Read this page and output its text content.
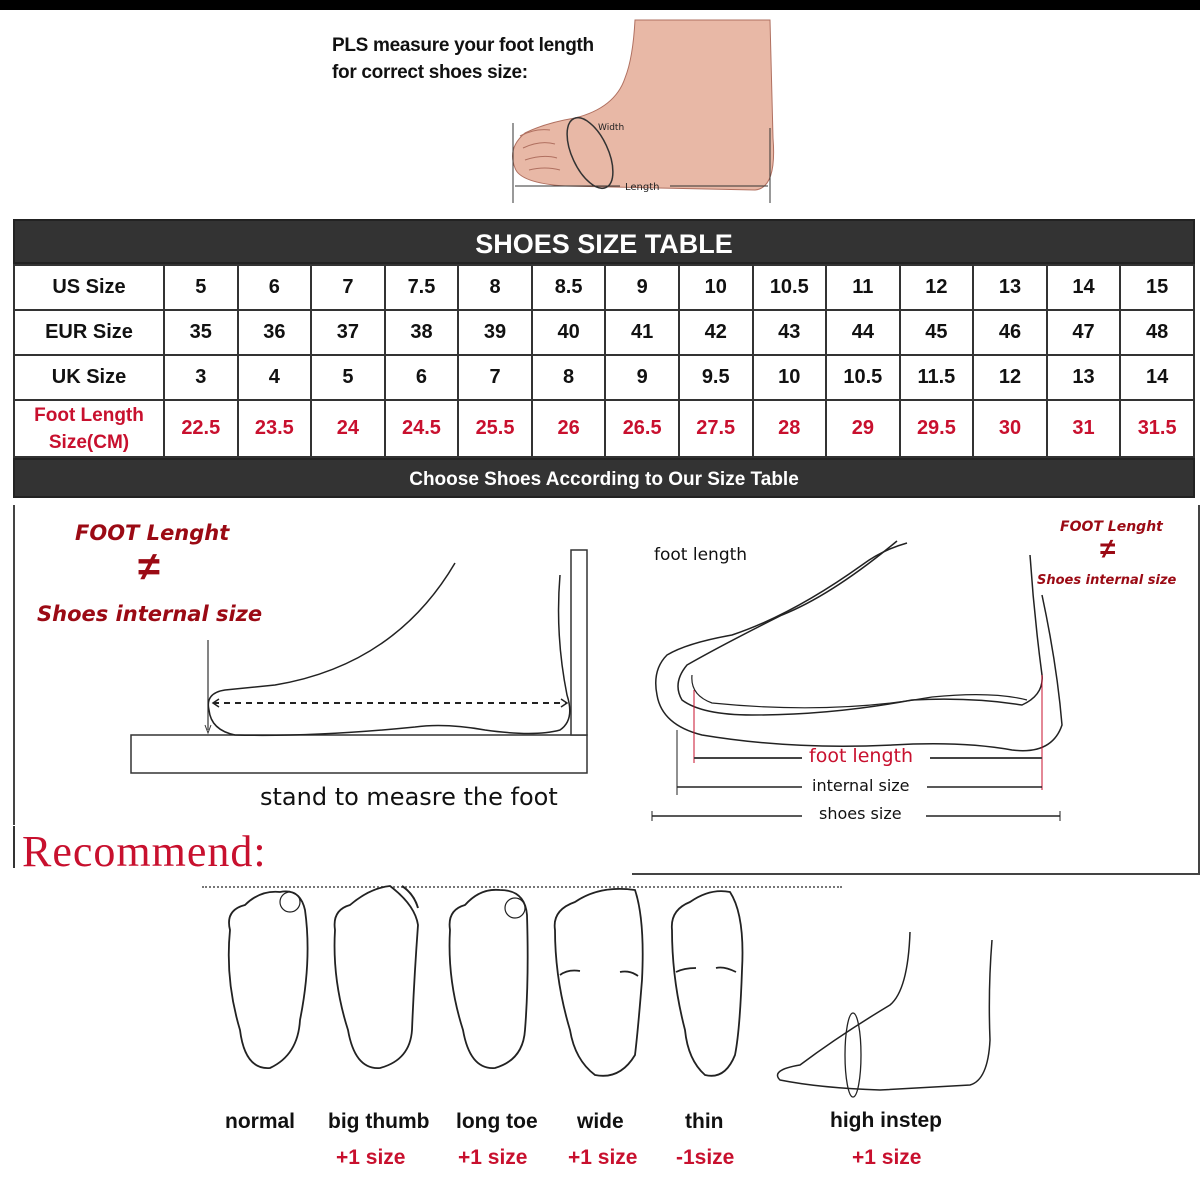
PLS measure your foot length
for correct shoes size:
Width
Length
SHOES SIZE TABLE
US Size	5	6	7	7.5	8	8.5	9	10	10.5	11	12	13	14	15
EUR Size	35	36	37	38	39	40	41	42	43	44	45	46	47	48
UK Size	3	4	5	6	7	8	9	9.5	10	10.5	11.5	12	13	14

Foot Length
Size(CM)	22.5	23.5	24	24.5	25.5	26	26.5	27.5	28	29	29.5	30	31	31.5
Choose Shoes According to Our Size Table
FOOT Lenght
≠
Shoes internal size
stand to measre the foot
foot length
FOOT Lenght
≠
Shoes internal size
foot length
internal size
shoes size
Recommend:
normal big thumb
+1 size
long toe
+1 size
wide
+1 size
thin
-1size
high instep
+1 size
